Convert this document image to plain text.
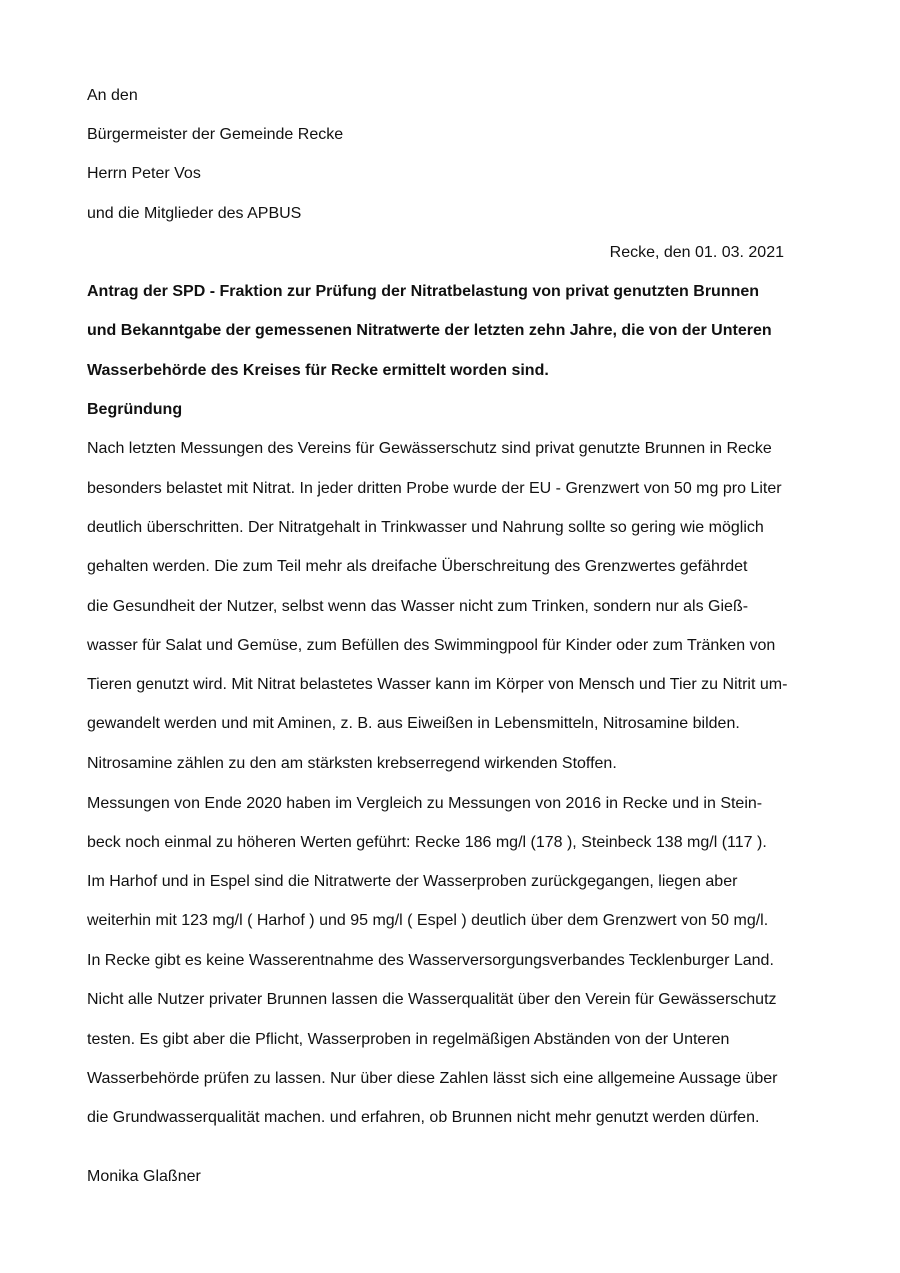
An den
Bürgermeister der Gemeinde Recke
Herrn Peter Vos
und die Mitglieder des APBUS
Recke, den 01. 03. 2021
Antrag der SPD - Fraktion zur Prüfung der Nitratbelastung von privat genutzten Brunnen
und Bekanntgabe der gemessenen Nitratwerte der letzten zehn Jahre, die von der Unteren
Wasserbehörde des Kreises für Recke ermittelt worden sind.
Begründung
Nach letzten Messungen des Vereins für Gewässerschutz sind privat genutzte Brunnen in Recke
besonders belastet mit Nitrat. In jeder dritten Probe wurde der EU - Grenzwert von 50 mg pro Liter
deutlich überschritten. Der Nitratgehalt in Trinkwasser und Nahrung sollte so gering wie möglich
gehalten werden. Die zum Teil mehr als dreifache Überschreitung des Grenzwertes gefährdet
die Gesundheit der Nutzer, selbst wenn das Wasser nicht zum Trinken, sondern nur als Gieß-
wasser für Salat und Gemüse, zum Befüllen des Swimmingpool für Kinder oder zum Tränken von
Tieren genutzt wird. Mit Nitrat belastetes Wasser kann im Körper von Mensch und Tier zu Nitrit um-
gewandelt werden und mit Aminen, z. B. aus Eiweißen in Lebensmitteln, Nitrosamine bilden.
Nitrosamine zählen zu den am stärksten krebserregend wirkenden Stoffen.
Messungen von Ende 2020 haben im Vergleich zu Messungen von 2016 in Recke und in Stein-
beck noch einmal zu höheren Werten geführt: Recke 186 mg/l (178 ), Steinbeck 138 mg/l (117 ).
Im Harhof und in Espel sind die Nitratwerte der Wasserproben zurückgegangen, liegen aber
weiterhin mit 123 mg/l ( Harhof ) und 95 mg/l ( Espel ) deutlich über dem Grenzwert von 50 mg/l.
In Recke gibt es keine Wasserentnahme des Wasserversorgungsverbandes Tecklenburger Land.
Nicht alle Nutzer privater Brunnen lassen die Wasserqualität über den Verein für Gewässerschutz
testen. Es gibt aber die Pflicht, Wasserproben in regelmäßigen Abständen von der Unteren
Wasserbehörde prüfen zu lassen. Nur über diese Zahlen lässt sich eine allgemeine Aussage über
die Grundwasserqualität machen. und erfahren, ob Brunnen nicht mehr genutzt werden dürfen.
Monika Glaßner
